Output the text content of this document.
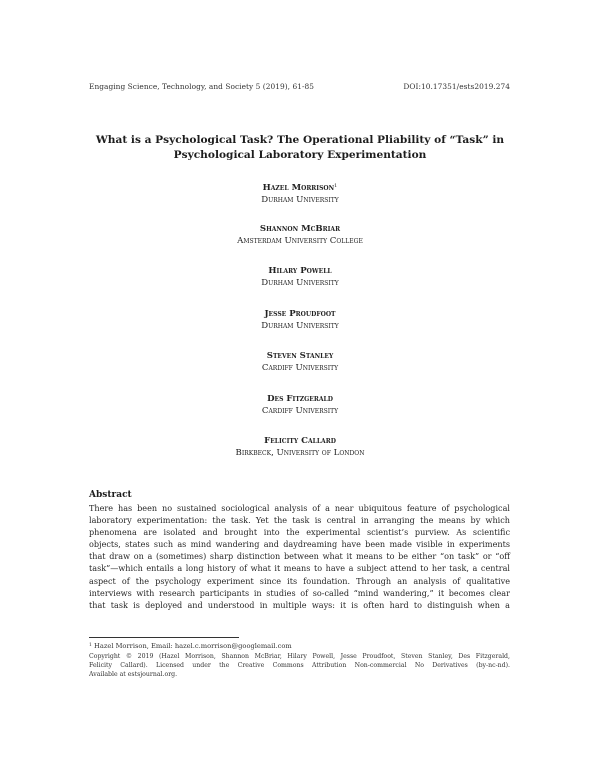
Engaging Science, Technology, and Society 5 (2019), 61-85	DOI:10.17351/ests2019.274
What is a Psychological Task? The Operational Pliability of “Task” in
Psychological Laboratory Experimentation
Hazel Morrison$^1$
Durham University
Shannon McBriar
Amsterdam University College
Hilary Powell
Durham University
Jesse Proudfoot
Durham University
Steven Stanley
Cardiff University
Des Fitzgerald
Cardiff University
Felicity Callard
Birkbeck, University of London
Abstract
There has been no sustained sociological analysis of a near ubiquitous feature of psychological
laboratory experimentation: the task. Yet the task is central in arranging the means by which
phenomena are isolated and brought into the experimental scientist’s purview. As scientific
objects, states such as mind wandering and daydreaming have been made visible in experiments
that draw on a (sometimes) sharp distinction between what it means to be either “on task” or “off
task”—which entails a long history of what it means to have a subject attend to her task, a central
aspect of the psychology experiment since its foundation. Through an analysis of qualitative
interviews with research participants in studies of so-called “mind wandering,” it becomes clear
that task is deployed and understood in multiple ways: it is often hard to distinguish when a
$^1$ Hazel Morrison, Email: hazel.c.morrison@googlemail.com
Copyright © 2019 (Hazel Morrison, Shannon McBriar, Hilary Powell, Jesse Proudfoot, Steven Stanley, Des Fitzgerald,
Felicity Callard). Licensed under the Creative Commons Attribution Non-commercial No Derivatives (by-nc-nd).
Available at estsjournal.org.
